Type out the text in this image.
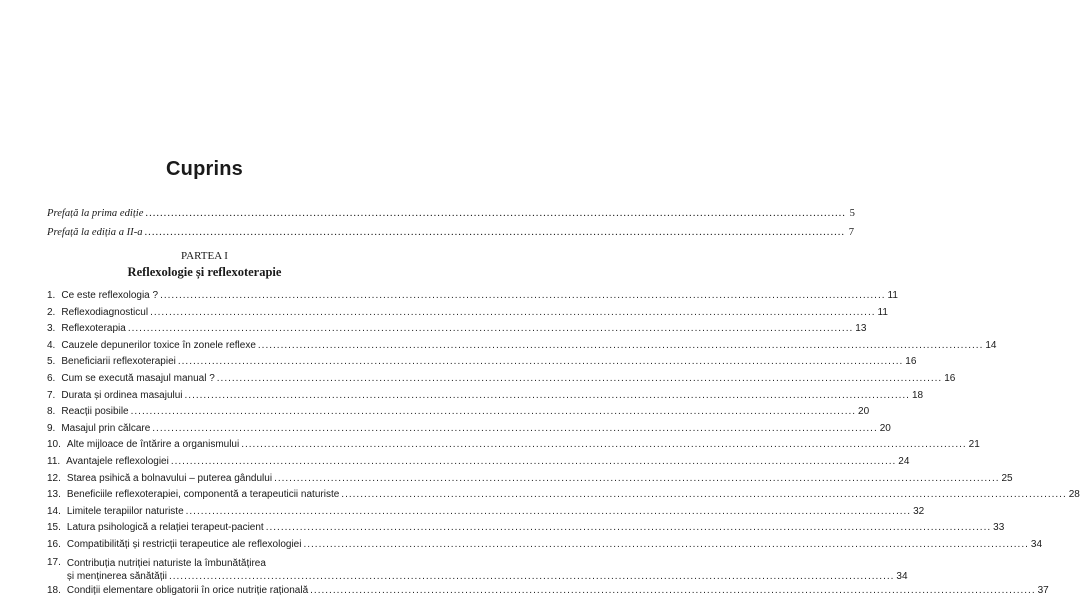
Cuprins
Prefață la prima ediție .....	5
Prefață la ediția a II-a .....	7
PARTEA I
Reflexologie și reflexoterapie
1. Ce este reflexologia ? .....	11
2. Reflexodiagnosticul .....	11
3. Reflexoterapia .....	13
4. Cauzele depunerilor toxice în zonele reflexe .....	14
5. Beneficiarii reflexoterapiei .....	16
6. Cum se execută masajul manual ? .....	16
7. Durata și ordinea masajului .....	18
8. Reacții posibile .....	20
9. Masajul prin călcare .....	20
10. Alte mijloace de întărire a organismului .....	21
11. Avantajele reflexologiei .....	24
12. Starea psihică a bolnavului – puterea gândului .....	25
13. Beneficiile reflexoterapiei, componentă a terapeuticii naturiste .....	28
14. Limitele terapiilor naturiste .....	32
15. Latura psihologică a relației terapeut-pacient .....	33
16. Compatibilități și restricții terapeutice ale reflexologiei .....	34
17. Contribuția nutriției naturiste la îmbunătățirea
și menținerea sănătății .....	34
18. Condiții elementare obligatorii în orice nutriție rațională .....	37
